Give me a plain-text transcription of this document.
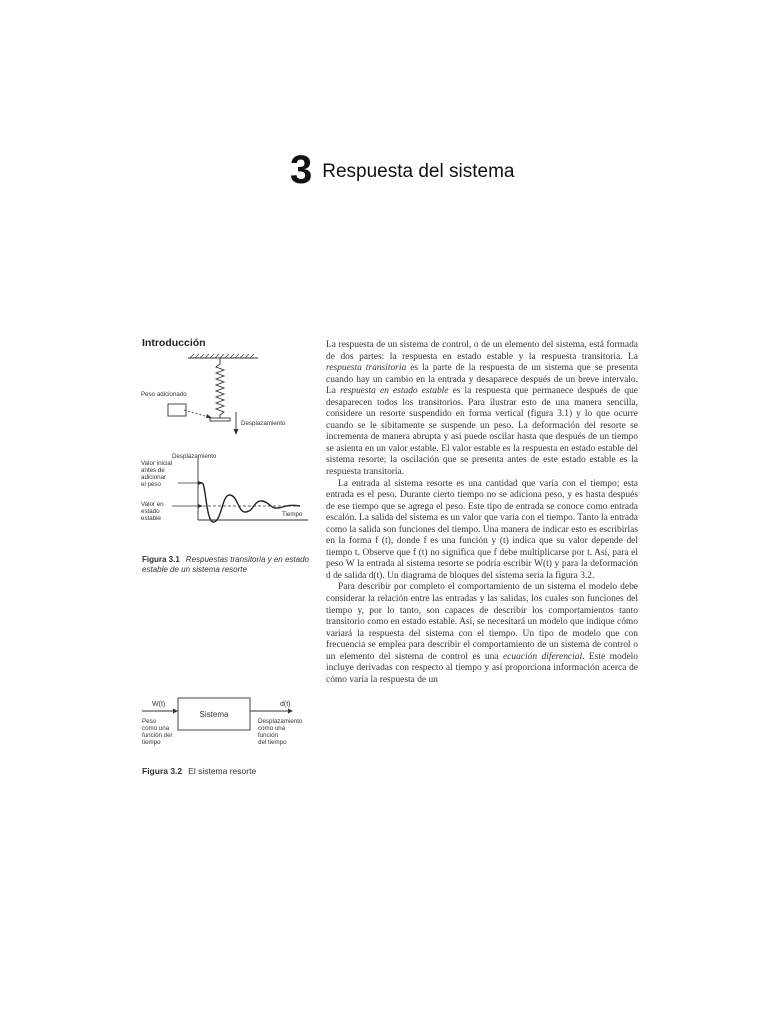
3 Respuesta del sistema
Introducción
Peso adicionado
Desplazamiento
Desplazamiento
Tiempo
Valor inicial antes de adicionar el peso
Valor en estado estable
Figura 3.1 Respuestas transitoria y en estado estable de un sistema resorte
Sistema
W(t)	d(t)
Peso como una función del tiempo
Desplazamiento como una función del tiempo
Figura 3.2 El sistema resorte

La respuesta de un sistema de control, o de un elemento del sistema, está formada de dos partes: la respuesta en estado estable y la respuesta transitoria. La respuesta transitoria es la parte de la respuesta de un sistema que se presenta cuando hay un cambio en la entrada y desaparece después de un breve intervalo. La respuesta en estado estable es la respuesta que permanece después de que desaparecen todos los transitorios. Para ilustrar esto de una manera sencilla, considere un resorte suspendido en forma vertical (figura 3.1) y lo que ocurre cuando se le sibitamente se suspende un peso. La deformación del resorte se incrementa de manera abrupta y así puede oscilar hasta que después de un tiempo se asienta en un valor estable. El valor estable es la respuesta en estado estable del sistema resorte; la oscilación que se presenta antes de este estado estable es la respuesta transitoria.

La entrada al sistema resorte es una cantidad que varía con el tiempo; esta entrada es el peso. Durante cierto tiempo no se adiciona peso, y es hasta después de ese tiempo que se agrega el peso. Este tipo de entrada se conoce como entrada escalón. La salida del sistema es un valor que varía con el tiempo. Tanto la entrada como la salida son funciones del tiempo. Una manera de indicar esto es escribirlas en la forma f (t), donde f es una función y (t) indica que su valor depende del tiempo t. Observe que f (t) no significa que f debe multiplicarse por t. Así, para el peso W la entrada al sistema resorte se podría escribir W(t) y para la deformación d de salida d(t). Un diagrama de bloques del sistema sería la figura 3.2.

Para describir por completo el comportamiento de un sistema el modelo debe considerar la relación entre las entradas y las salidas, los cuales son funciones del tiempo y, por lo tanto, son capaces de describir los comportamientos tanto transitorio como en estado estable. Así, se necesitará un modelo que indique cómo variará la respuesta del sistema con el tiempo. Un tipo de modelo que con frecuencia se emplea para describir el comportamiento de un sistema de control o un elemento del sistema de control es una ecuación diferencial. Este modelo incluye derivadas con respecto al tiempo y así proporciona información acerca de cómo varía la respuesta de un
